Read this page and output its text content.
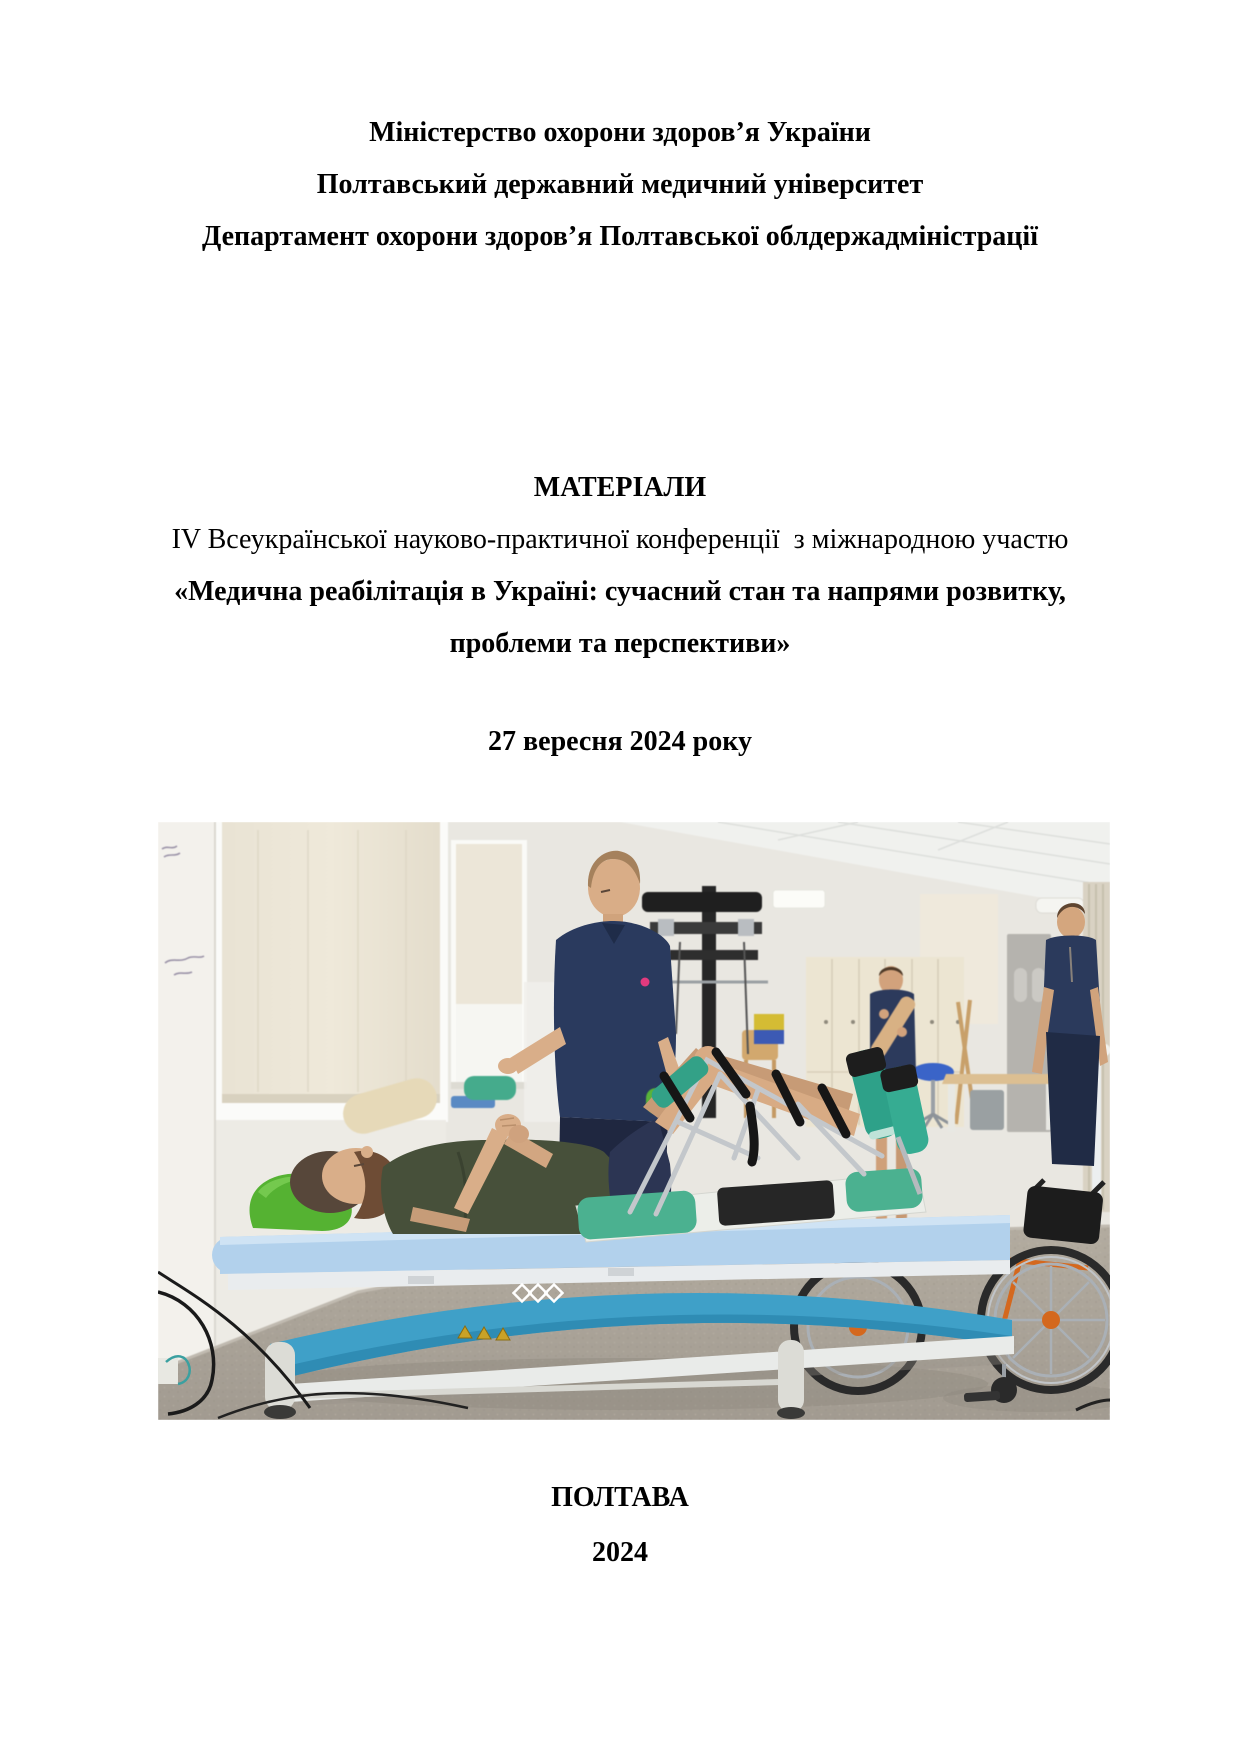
Міністерство охорони здоров’я України
Полтавський державний медичний університет
Департамент охорони здоров’я Полтавської облдержадміністрації
МАТЕРІАЛИ
IV Всеукраїнської науково-практичної конференції  з міжнародною участю
«Медична реабілітація в Україні: сучасний стан та напрями розвитку,
проблеми та перспективи»
27 вересня 2024 року
ПОЛТАВА
2024
